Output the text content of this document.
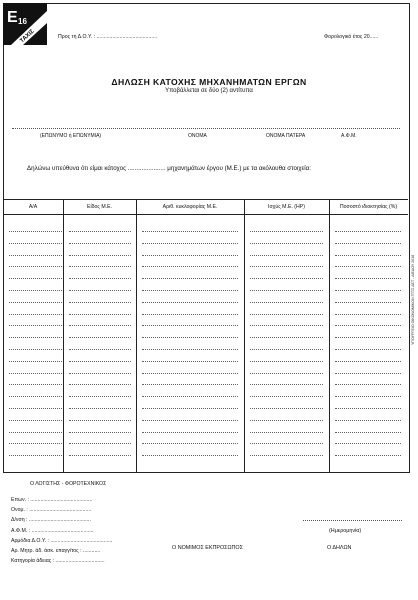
E 16
ΤΑΧΙΣ	Προς τη Δ.Ο.Υ. : ..........................................	Φορολογικό έτος 20......
ΔΗΛΩΣΗ ΚΑΤΟΧΗΣ ΜΗΧΑΝΗΜΑΤΩΝ ΕΡΓΩΝ
Υποβάλλεται σε δύο (2) αντίτυπα
(ΕΠΩΝΥΜΟ ή ΕΠΩΝΥΜΙΑ)	ΟΝΟΜΑ	ΟΝΟΜΑ ΠΑΤΕΡΑ	Α.Φ.Μ.
Δηλώνω υπεύθυνα ότι είμαι κάτοχος ...................... μηχανημάτων έργου (Μ.Ε.) με τα ακόλουθα στοιχεία:
Α/Α	Είδος Μ.Ε.	Αριθ. κυκλοφορίας Μ.Ε.	Ισχύς Μ.Ε. (HP)	Ποσοστό ιδιοκτησίας (%)
ΥΠΟΥΡΓΕΙΟ ΟΙΚΟΝΟΜΙΚΩΝ ΓΓΠΣ ΔΕΤ - ΔΙΕΔΟΥ 2018
Ο ΛΟΓΙΣΤΗΣ - ΦΟΡΟΤΕΧΝΙΚΟΣ
Επων. : ...........................................
Ονομ. : ...........................................
Δ/νση : ...........................................
Α.Φ.Μ. : ...........................................
Αρμόδια Δ.Ο.Υ. : ...........................................
Αρ. Μητρ. άδ. άσκ. επαγγ/τος : ............
Κατηγορία άδειας : ..................................
(Ημερομηνία)
Ο ΝΟΜΙΜΟΣ ΕΚΠΡΟΣΩΠΟΣ	Ο ΔΗΛΩΝ
